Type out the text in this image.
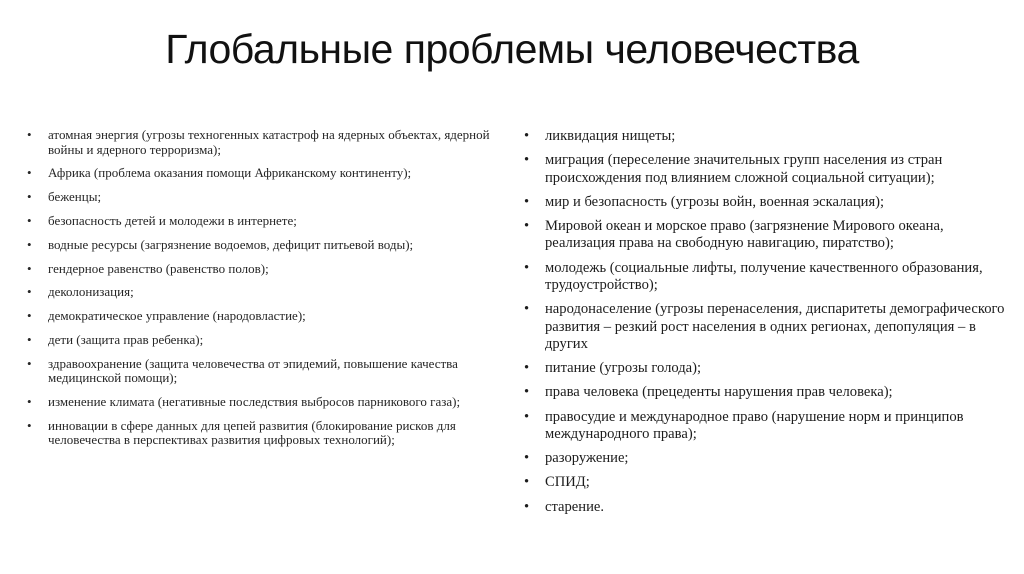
Глобальные проблемы человечества
• атомная энергия (угрозы техногенных катастроф на ядерных объектах, ядерной войны и ядерного терроризма);
• Африка (проблема оказания помощи Африканскому континенту);
• беженцы;
• безопасность детей и молодежи в интернете;
• водные ресурсы (загрязнение водоемов, дефицит питьевой воды);
• гендерное равенство (равенство полов);
• деколонизация;
• демократическое управление (народовластие);
• дети (защита прав ребенка);
• здравоохранение (защита человечества от эпидемий, повышение качества медицинской помощи);
• изменение климата (негативные последствия выбросов парникового газа);
• инновации в сфере данных для цепей развития (блокирование рисков для человечества в перспективах развития цифровых технологий);
• ликвидация нищеты;
• миграция (переселение значительных групп населения из стран происхождения под влиянием сложной социальной ситуации);
• мир и безопасность (угрозы войн, военная эскалация);
• Мировой океан и морское право (загрязнение Мирового океана, реализация права на свободную навигацию, пиратство);
• молодежь (социальные лифты, получение качественного образования, трудоустройство);
• народонаселение (угрозы перенаселения, диспаритеты демографического развития – резкий рост населения в одних регионах, депопуляция – в других
• питание (угрозы голода);
• права человека (прецеденты нарушения прав человека);
• правосудие и международное право (нарушение норм и принципов международного права);
• разоружение;
• СПИД;
• старение.
